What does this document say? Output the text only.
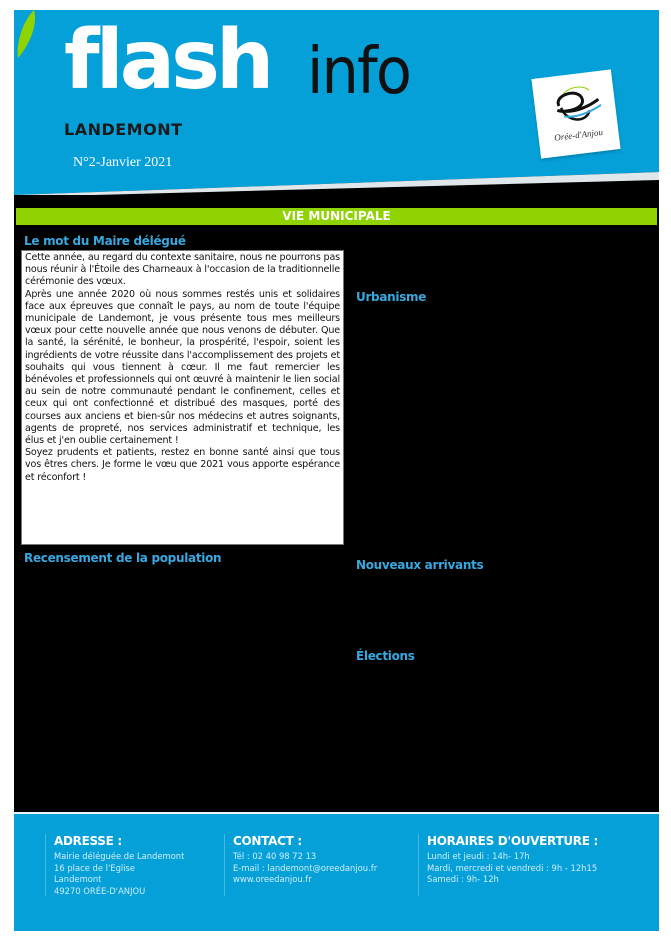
flash info
LANDEMONT
N°2-Janvier 2021
Orée-d'Anjou
VIE MUNICIPALE
Le mot du Maire délégué

Cette année, au regard du contexte sanitaire, nous ne pourrons pas nous réunir à l'Étoile des Charneaux à l'occasion de la traditionnelle cérémonie des vœux.

Après une année 2020 où nous sommes restés unis et solidaires face aux épreuves que connaît le pays, au nom de toute l'équipe municipale de Landemont, je vous présente tous mes meilleurs vœux pour cette nouvelle année que nous venons de débuter. Que la santé, la sérénité, le bonheur, la prospérité, l'espoir, soient les ingrédients de votre réussite dans l'accomplissement des projets et souhaits qui vous tiennent à cœur. Il me faut remercier les bénévoles et professionnels qui ont œuvré à maintenir le lien social au sein de notre communauté pendant le confinement, celles et ceux qui ont confectionné et distribué des masques, porté des courses aux anciens et bien-sûr nos médecins et autres soignants, agents de propreté, nos services administratif et technique, les élus et j'en oublie certainement !

Soyez prudents et patients, restez en bonne santé ainsi que tous vos êtres chers. Je forme le vœu que 2021 vous apporte espérance et réconfort !

Recensement de la population
Urbanisme
Nouveaux arrivants
Élections

ADRESSE :

Mairie déléguée de Landemont

16 place de l'Eglise

Landemont

49270 ORÉE-D'ANJOU

CONTACT :

Tél : 02 40 98 72 13

E-mail : landemont@oreedanjou.fr

www.oreedanjou.fr

HORAIRES D'OUVERTURE :

Lundi et jeudi : 14h- 17h

Mardi, mercredi et vendredi : 9h - 12h15

Samedi : 9h- 12h
